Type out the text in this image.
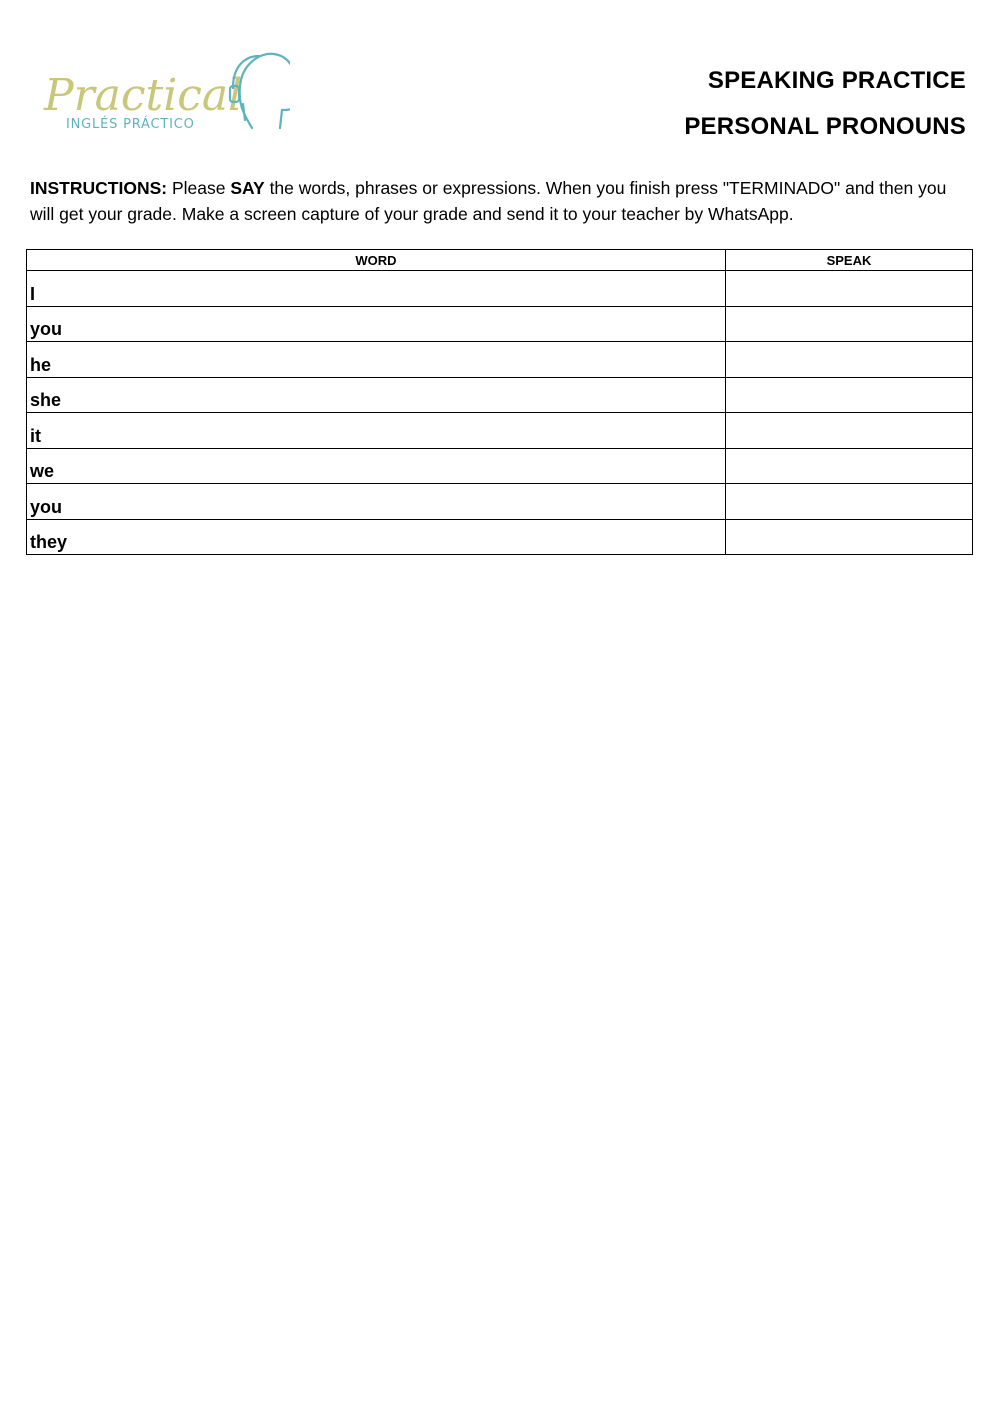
Practical
INGLÉS PRÁCTICO
SPEAKING PRACTICE
PERSONAL PRONOUNS
INSTRUCTIONS: Please SAY the words, phrases or expressions. When you finish press "TERMINADO" and then you will get your grade. Make a screen capture of your grade and send it to your teacher by WhatsApp.
WORD	SPEAK
I	
you	
he	
she	
it	
we	
you	
they	
